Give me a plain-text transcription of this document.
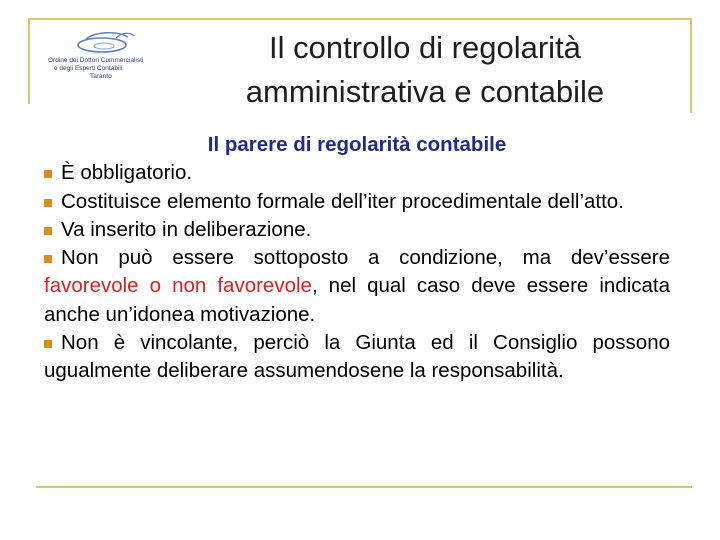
Ordine dei Dottori Commercialisti
e degli Esperti Contabili
Taranto
Il controllo di regolarità
amministrativa e contabile
Il parere di regolarità contabile
È obbligatorio.
Costituisce elemento formale dell’iter procedimentale dell’atto.
Va inserito in deliberazione.
Non può essere sottoposto a condizione, ma dev’essere favorevole o non favorevole, nel qual caso deve essere indicata anche un’idonea motivazione.
Non è vincolante, perciò la Giunta ed il Consiglio possono ugualmente deliberare assumendosene la responsabilità.
